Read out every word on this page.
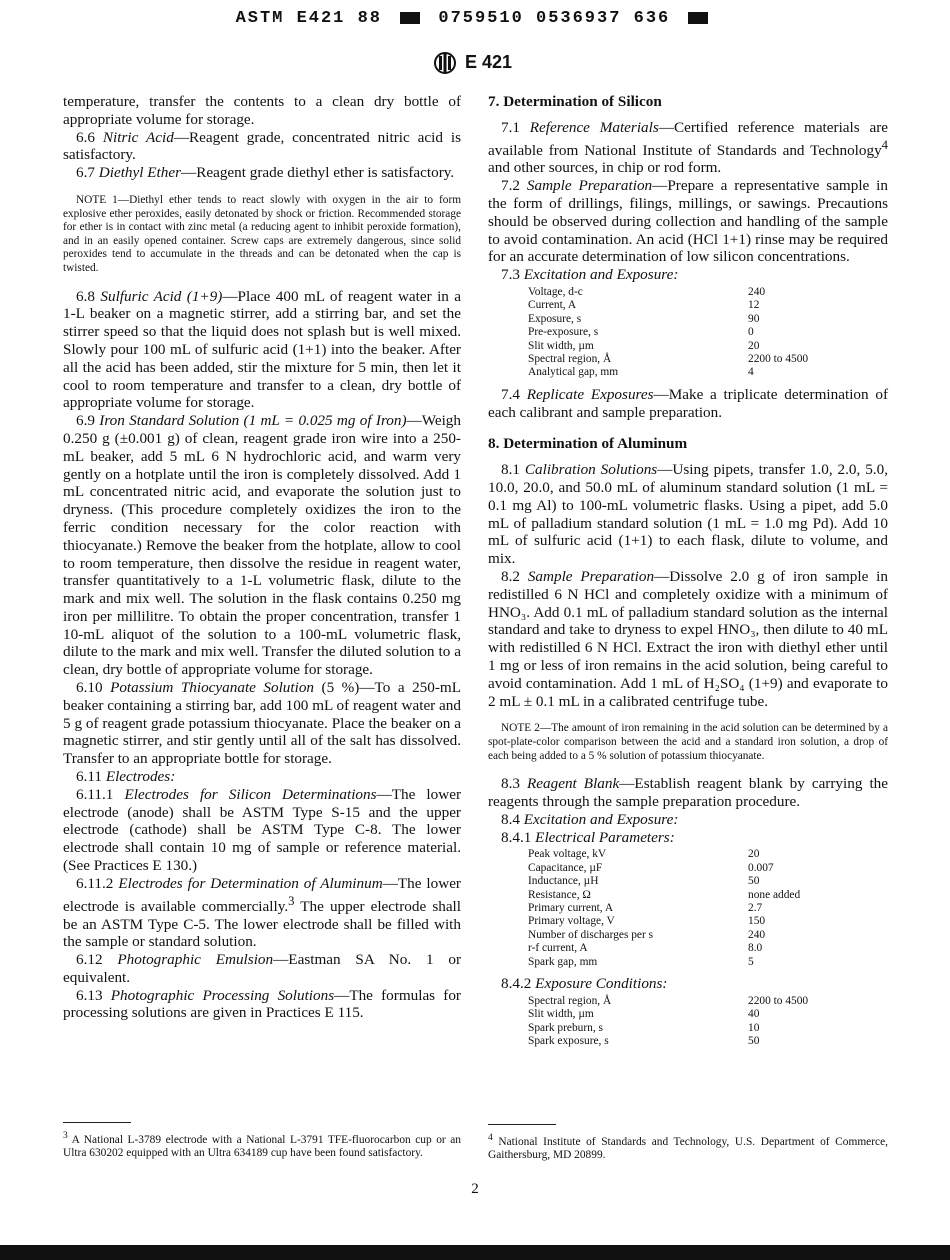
ASTM E421 88	0759510 0536937 636
E 421

temperature, transfer the contents to a clean dry bottle of appropriate volume for storage.

6.6 Nitric Acid—Reagent grade, concentrated nitric acid is satisfactory.

6.7 Diethyl Ether—Reagent grade diethyl ether is satisfactory.

NOTE 1—Diethyl ether tends to react slowly with oxygen in the air to form explosive ether peroxides, easily detonated by shock or friction. Recommended storage for ether is in contact with zinc metal (a reducing agent to inhibit peroxide formation), and in an easily opened container. Screw caps are extremely dangerous, since solid peroxides tend to accumulate in the threads and can be detonated when the cap is twisted.

6.8 Sulfuric Acid (1+9)—Place 400 mL of reagent water in a 1-L beaker on a magnetic stirrer, add a stirring bar, and set the stirrer speed so that the liquid does not splash but is well mixed. Slowly pour 100 mL of sulfuric acid (1+1) into the beaker. After all the acid has been added, stir the mixture for 5 min, then let it cool to room temperature and transfer to a clean, dry bottle of appropriate volume for storage.

6.9 Iron Standard Solution (1 mL = 0.025 mg of Iron)—Weigh 0.250 g (±0.001 g) of clean, reagent grade iron wire into a 250-mL beaker, add 5 mL 6 N hydrochloric acid, and warm very gently on a hotplate until the iron is completely dissolved. Add 1 mL concentrated nitric acid, and evaporate the solution just to dryness. (This procedure completely oxidizes the iron to the ferric condition necessary for the color reaction with thiocyanate.) Remove the beaker from the hotplate, allow to cool to room temperature, then dissolve the residue in reagent water, transfer quantitatively to a 1-L volumetric flask, dilute to the mark and mix well. The solution in the flask contains 0.250 mg iron per millilitre. To obtain the proper concentration, transfer 1 10-mL aliquot of the solution to a 100-mL volumetric flask, dilute to the mark and mix well. Transfer the diluted solution to a clean, dry bottle of appropriate volume for storage.

6.10 Potassium Thiocyanate Solution (5 %)—To a 250-mL beaker containing a stirring bar, add 100 mL of reagent water and 5 g of reagent grade potassium thiocyanate. Place the beaker on a magnetic stirrer, and stir gently until all of the salt has dissolved. Transfer to an appropriate bottle for storage.

6.11 Electrodes:

6.11.1 Electrodes for Silicon Determinations—The lower electrode (anode) shall be ASTM Type S-15 and the upper electrode (cathode) shall be ASTM Type C-8. The lower electrode shall contain 10 mg of sample or reference material. (See Practices E 130.)

6.11.2 Electrodes for Determination of Aluminum—The lower electrode is available commercially.$^3$ The upper electrode shall be an ASTM Type C-5. The lower electrode shall be filled with the sample or standard solution.

6.12 Photographic Emulsion—Eastman SA No. 1 or equivalent.

6.13 Photographic Processing Solutions—The formulas for processing solutions are given in Practices E 115.

7. Determination of Silicon

7.1 Reference Materials—Certified reference materials are available from National Institute of Standards and Technology$^4$ and other sources, in chip or rod form.

7.2 Sample Preparation—Prepare a representative sample in the form of drillings, filings, millings, or sawings. Precautions should be observed during collection and handling of the sample to avoid contamination. An acid (HCl 1+1) rinse may be required for an accurate determination of low silicon concentrations.

7.3 Excitation and Exposure:

Voltage, d-c	240
Current, A	12
Exposure, s	90
Pre-exposure, s	0
Slit width, µm	20
Spectral region, Å	2200 to 4500
Analytical gap, mm	4

7.4 Replicate Exposures—Make a triplicate determination of each calibrant and sample preparation.

8. Determination of Aluminum

8.1 Calibration Solutions—Using pipets, transfer 1.0, 2.0, 5.0, 10.0, 20.0, and 50.0 mL of aluminum standard solution (1 mL = 0.1 mg Al) to 100-mL volumetric flasks. Using a pipet, add 5.0 mL of palladium standard solution (1 mL = 1.0 mg Pd). Add 10 mL of sulfuric acid (1+1) to each flask, dilute to volume, and mix.

8.2 Sample Preparation—Dissolve 2.0 g of iron sample in redistilled 6 N HCl and completely oxidize with a minimum of HNO₃. Add 0.1 mL of palladium standard solution as the internal standard and take to dryness to expel HNO₃, then dilute to 40 mL with redistilled 6 N HCl. Extract the iron with diethyl ether until 1 mg or less of iron remains in the acid solution, being careful to avoid contamination. Add 1 mL of H₂SO₄ (1+9) and evaporate to 2 mL ± 0.1 mL in a calibrated centrifuge tube.

NOTE 2—The amount of iron remaining in the acid solution can be determined by a spot-plate-color comparison between the acid and a standard iron solution, a drop of each being added to a 5 % solution of potassium thiocyanate.

8.3 Reagent Blank—Establish reagent blank by carrying the reagents through the sample preparation procedure.

8.4 Excitation and Exposure:

8.4.1 Electrical Parameters:

Peak voltage, kV	20
Capacitance, µF	0.007
Inductance, µH	50
Resistance, Ω	none added
Primary current, A	2.7
Primary voltage, V	150
Number of discharges per s	240
r-f current, A	8.0
Spark gap, mm	5

8.4.2 Exposure Conditions:

Spectral region, Å	2200 to 4500
Slit width, µm	40
Spark preburn, s	10
Spark exposure, s	50
$^3$ A National L-3789 electrode with a National L-3791 TFE-fluorocarbon cup or an Ultra 630202 equipped with an Ultra 634189 cup have been found satisfactory.
$^4$ National Institute of Standards and Technology, U.S. Department of Commerce, Gaithersburg, MD 20899.
2
